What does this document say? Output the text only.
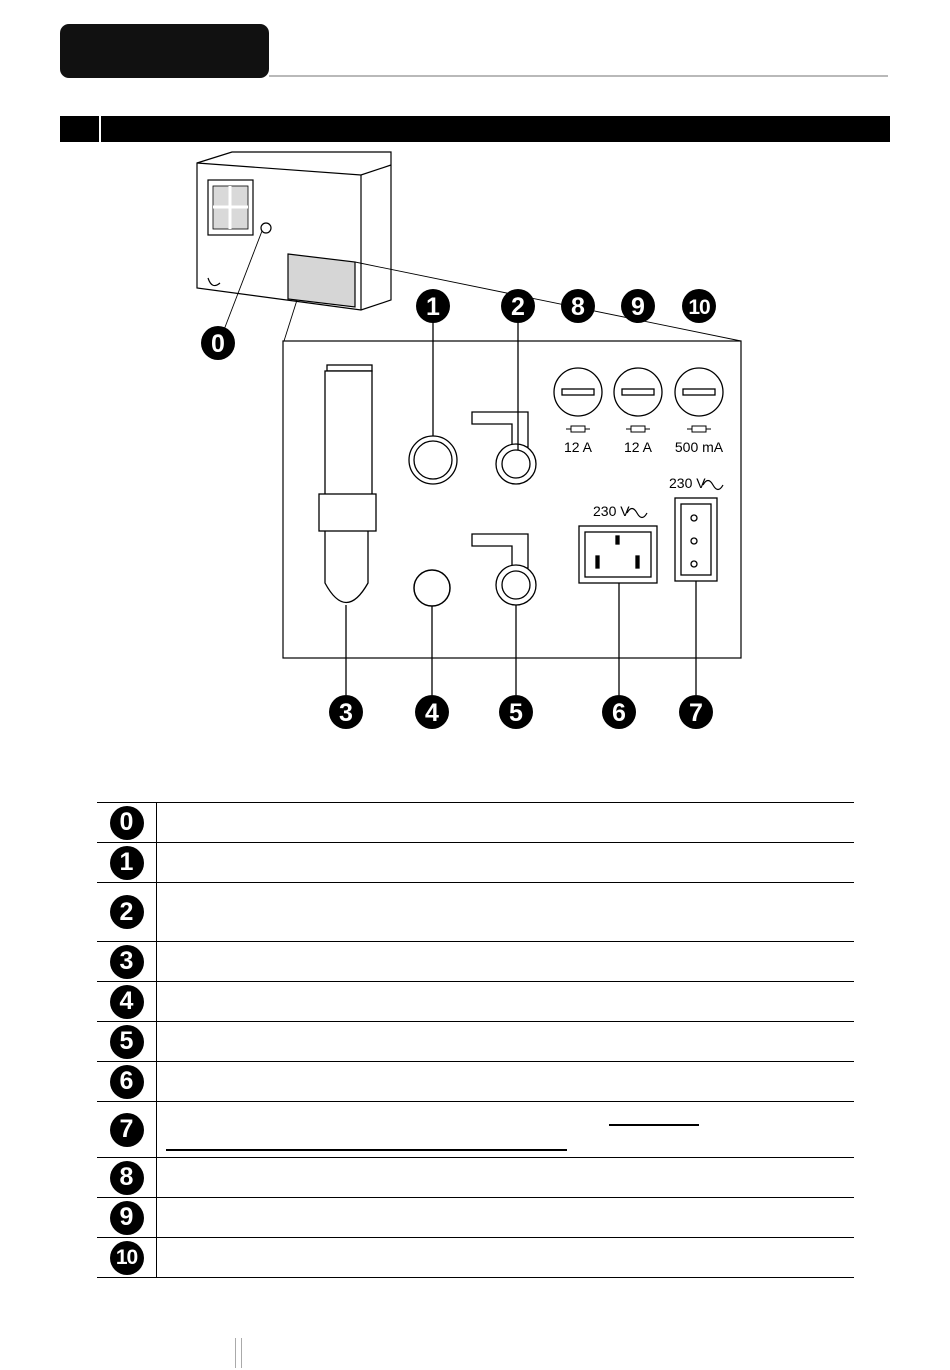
12 A 12 A 500 mA
230 V
230 V
0
1	2 8 9 10
3	4	5	6	7
0	
1	
2	
3	
4	
5	
6	
7	

8	
9	
10	
